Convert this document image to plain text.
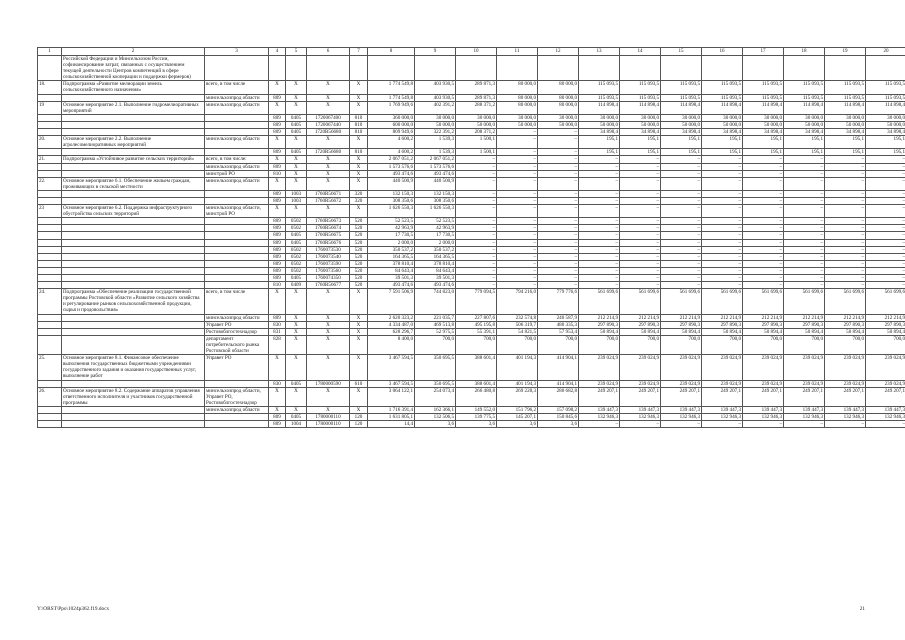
1	2	3	4	5	6	7	8	9	10	11	12	13	14	15	16	17	18	19	20
	Российской Федерации и Минсельхозом России, софинансирование затрат, связанных с осуществлением текущей деятельности Центров компетенций в сфере сельскохозяйственной кооперации и поддержки фермеров)																		
18.	Подпрограмма «Развитие мелиорации земель сельскохозяйственного назначения»	всего, в том числе	X	X	X	X	1 774 549,8	403 930,5	289 871,3	80 000,0	80 000,0	115 093,5	115 093,5	115 093,5	115 093,5	115 093,5	115 093,5	115 093,5	115 093,5
		минсельхозпрод области	809	X	X	X	1 774 549,8	403 930,5	289 871,3	80 000,0	80 000,0	115 093,5	115 093,5	115 093,5	115 093,5	115 093,5	115 093,5	115 093,5	115 093,5
19	Основное мероприятие 2.1. Выполнение гидромелиоративных мероприятий	минсельхозпрод области	X	X	X	X	1 769 949,6	402 391,2	288 371,2	80 000,0	80 000,0	114 898,4	114 898,4	114 898,4	114 898,4	114 898,4	114 898,4	114 898,4	114 898,4
			809	0405	1720067400	810	360 000,0	30 000,0	30 000,0	30 000,0	30 000,0	30 000,0	30 000,0	30 000,0	30 000,0	30 000,0	30 000,0	30 000,0	30 000,0
			809	0405	1720067440	810	600 000,0	50 000,0	50 000,0	50 000,0	50 000,0	50 000,0	50 000,0	50 000,0	50 000,0	50 000,0	50 000,0	50 000,0	50 000,0
			809	0405	1720R56680	810	809 949,6	322 391,2	208 371,2	–	–	34 898,4	34 898,4	34 898,4	34 898,4	34 898,4	34 898,4	34 898,4	34 898,4
20.	Основное мероприятие 2.2. Выполнение агролесомелиоративных мероприятий	минсельхозпрод области	X	X	X	X	4 600,2	1 539,3	1 500,1	–	–	195,1	195,1	195,1	195,1	195,1	195,1	195,1	195,1
			809	0405	1720R56680	810	4 600,2	1 539,3	1 500,1	–	–	195,1	195,1	195,1	195,1	195,1	195,1	195,1	195,1
21.	Подпрограмма «Устойчивое развитие сельских территорий»	всего, в том числе:	X	X	X	X	2 067 051,2	2 067 051,2	–	–	–	–	–	–	–	–	–	–	–
		минсельхозпрод области	809	X	X	X	1 573 576,6	1 573 576,6	–	–	–	–	–	–	–	–	–	–	–
		минстрой РО	810	X	X	X	493 474,6	493 474,6	–	–	–	–	–	–	–	–	–	–	–
22.	Основное мероприятие 6.1. Обеспечение жильем граждан, проживающих в сельской местности	минсельхозпрод области	X	X	X	X	440 500,9	440 500,9	–	–	–	–	–	–	–	–	–	–	–
			809	1003	1760R56671	320	132 150,3	132 150,3	–	–	–	–	–	–	–	–	–	–	–
			809	1003	1760R56672	320	308 350,6	308 350,6	–	–	–	–	–	–	–	–	–	–	–
23	Основное мероприятие 6.2. Поддержка инфраструктурного обустройства сельских территорий	минсельхозпрод области, минстрой РО	X	X	X	X	1 626 550,3	1 626 550,3	–	–	–	–	–	–	–	–	–	–	–
			809	0502	1760R56673	520	52 523,5	52 523,5	–	–	–	–	–	–	–	–	–	–	–
			809	0502	1760R56674	520	42 963,9	42 963,9	–	–	–	–	–	–	–	–	–	–	–
			809	0405	1760R56675	520	17 730,5	17 730,5	–	–	–	–	–	–	–	–	–	–	–
			809	0405	1760R56676	520	2 000,0	2 000,0	–	–	–	–	–	–	–	–	–	–	–
			809	0502	1760073530	520	350 537,2	350 537,2	–	–	–	–	–	–	–	–	–	–	–
			809	0502	1760073540	520	164 365,5	164 365,5	–	–	–	–	–	–	–	–	–	–	–
			809	0502	1760073590	520	378 810,4	378 810,4	–	–	–	–	–	–	–	–	–	–	–
			809	0502	1760073560	520	84 643,4	84 643,4	–	–	–	–	–	–	–	–	–	–	–
			809	0405	1760074350	520	39 501,3	39 501,3	–	–	–	–	–	–	–	–	–	–	–
			810	0409	1760R56677	520	493 474,6	493 474,6	–	–	–	–	–	–	–	–	–	–	–
24.	Подпрограмма «Обеспечение реализации государственной программы Ростовской области «Развитие сельского хозяйства и регулирование рынков сельскохозяйственной продукции, сырья и продовольствия»	всего, в том числе	X	X	X	X	7 591 506,9	744 823,0	779 094,5	794 216,0	779 776,6	561 699,6	561 699,6	561 699,6	561 699,6	561 699,6	561 699,6	561 699,6	561 699,6
		минсельхозпрод области	809	X	X	X	2 620 323,2	221 035,7	227 807,6	232 574,8	240 587,9	212 214,9	212 214,9	212 214,9	212 214,9	212 214,9	212 214,9	212 214,9	212 214,9
		Управет РО	830	X	X	X	4 334 487,0	469 513,8	495 195,8	506 319,7	480 335,3	297 890,3	297 890,3	297 890,3	297 890,3	297 890,3	297 890,3	297 890,3	297 890,3
		Ростовоблгостехнадзор	831	X	X	X	628 296,7	52 975,5	55 391,1	54 821,5	57 953,4	50 894,4	50 894,4	50 894,4	50 894,4	50 894,4	50 894,4	50 894,4	50 894,4
		департамент потребительского рынка Ростовской области	828	X	X	X	8 400,0	700,0	700,0	700,0	700,0	700,0	700,0	700,0	700,0	700,0	700,0	700,0	700,0
25.	Основное мероприятие 8.1. Финансовое обеспечение выполнения государственных бюджетными учреждениями государственного задания и оказания государственных услуг, выполнение работ	Управет РО	X	X	X	X	3 467 594,5	350 695,5	388 601,4	401 194,3	414 904,1	239 024,9	239 024,9	239 024,9	239 024,9	239 024,9	239 024,9	239 024,9	239 024,9
			830	0405	1780000590	610	3 467 594,5	350 695,5	388 601,4	401 194,3	414 904,1	239 024,9	239 024,9	239 024,9	239 024,9	239 024,9	239 024,9	239 024,9	239 024,9
26.	Основное мероприятие 8.2. Содержание аппаратов управления ответственного исполнителя и участников государственной программы	минсельхозпрод области, Управет РО, Ростовоблгостехнадзор	X	X	X	X	3 064 122,1	254 073,4	266 480,8	269 228,3	280 682,8	249 207,1	249 207,1	249 207,1	249 207,1	249 207,1	249 207,1	249 207,1	249 207,1
		минсельхозпрод области	X	X	X	X	1 716 391,4	162 366,1	149 552,0	151 796,2	157 098,2	139 447,3	139 447,3	139 447,3	139 447,3	139 447,3	139 447,3	139 447,3	139 447,3
			809	0405	1780000110	120	1 631 805,1	132 506,5	139 775,5	145 207,1	150 845,6	132 946,3	132 946,3	132 946,3	132 946,3	132 946,3	132 946,3	132 946,3	132 946,3
			809	1004	1780000110	120	14,4	3,6	3,6	3,6	3,6	–	–	–	–	–	–	–	–
Y:\ORST\Ppo\1024p362.f19.docx	21
